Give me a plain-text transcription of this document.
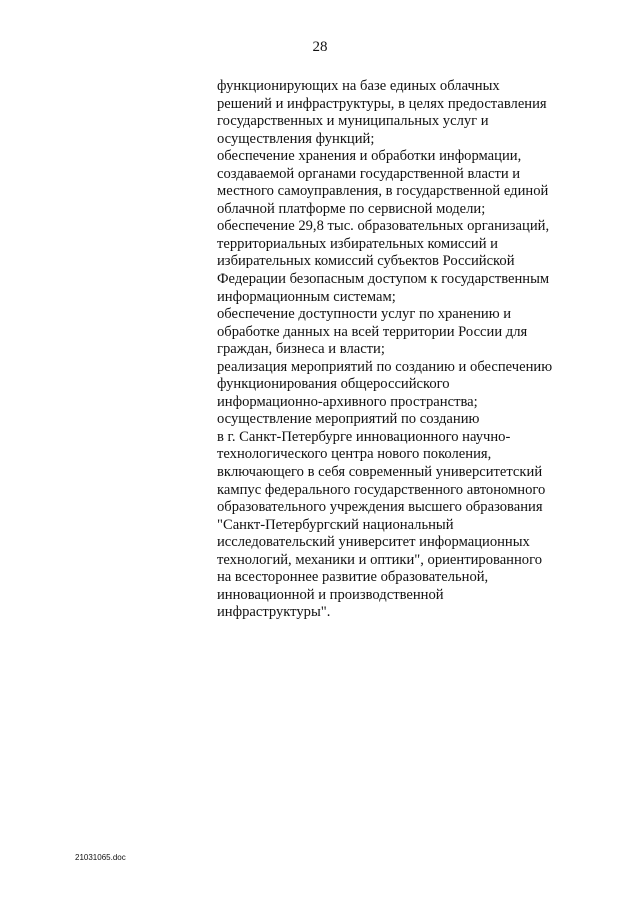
28
функционирующих на базе единых облачных
решений и инфраструктуры, в целях предоставления
государственных и муниципальных услуг и
осуществления функций;
обеспечение хранения и обработки информации,
создаваемой органами государственной власти и
местного самоуправления, в государственной единой
облачной платформе по сервисной модели;
обеспечение 29,8 тыс. образовательных организаций,
территориальных избирательных комиссий и
избирательных комиссий субъектов Российской
Федерации безопасным доступом к государственным
информационным системам;
обеспечение доступности услуг по хранению и
обработке данных на всей территории России для
граждан, бизнеса и власти;
реализация мероприятий по созданию и обеспечению
функционирования общероссийского
информационно-архивного пространства;
осуществление мероприятий по созданию
в г. Санкт-Петербурге инновационного научно-
технологического центра нового поколения,
включающего в себя современный университетский
кампус федерального государственного автономного
образовательного учреждения высшего образования
"Санкт-Петербургский национальный
исследовательский университет информационных
технологий, механики и оптики", ориентированного
на всестороннее развитие образовательной,
инновационной и производственной
инфраструктуры".
21031065.doc
